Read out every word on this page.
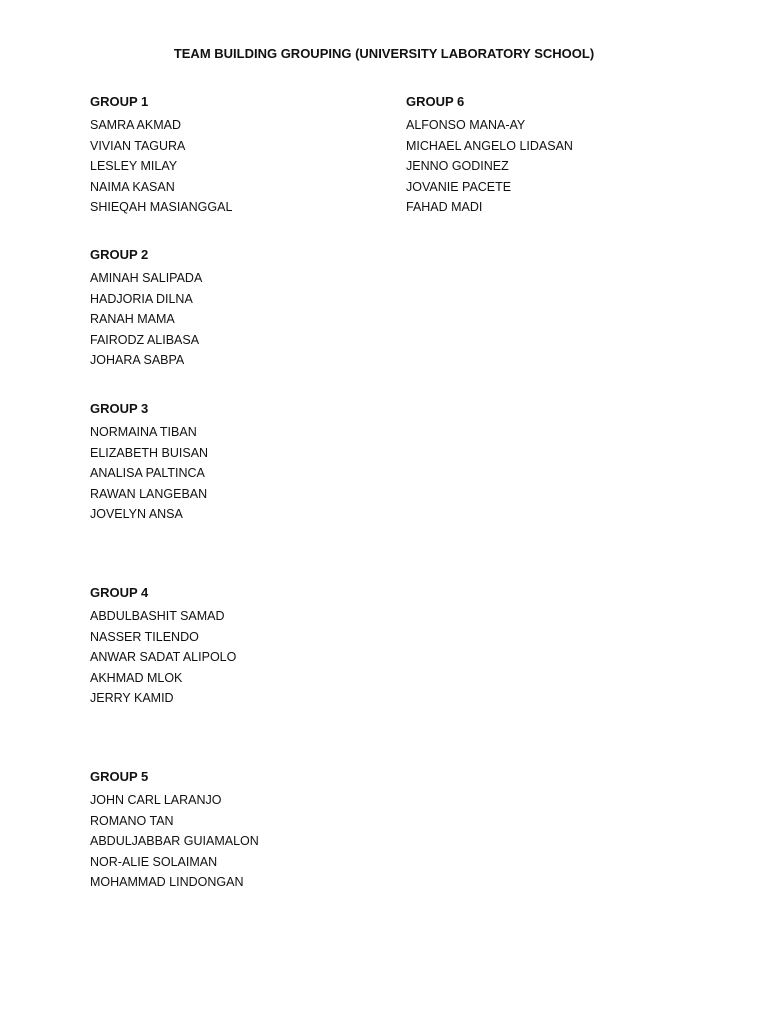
TEAM BUILDING GROUPING (UNIVERSITY LABORATORY SCHOOL)
GROUP 1
SAMRA AKMAD
VIVIAN TAGURA
LESLEY MILAY
NAIMA KASAN
SHIEQAH MASIANGGAL
GROUP 2
AMINAH SALIPADA
HADJORIA DILNA
RANAH MAMA
FAIRODZ ALIBASA
JOHARA SABPA
GROUP 3
NORMAINA TIBAN
ELIZABETH BUISAN
ANALISA PALTINCA
RAWAN LANGEBAN
JOVELYN ANSA
GROUP 4
ABDULBASHIT SAMAD
NASSER TILENDO
ANWAR SADAT ALIPOLO
AKHMAD MLOK
JERRY KAMID
GROUP 5
JOHN CARL LARANJO
ROMANO TAN
ABDULJABBAR GUIAMALON
NOR-ALIE SOLAIMAN
MOHAMMAD LINDONGAN
GROUP 6
ALFONSO MANA-AY
MICHAEL ANGELO LIDASAN
JENNO GODINEZ
JOVANIE PACETE
FAHAD MADI
